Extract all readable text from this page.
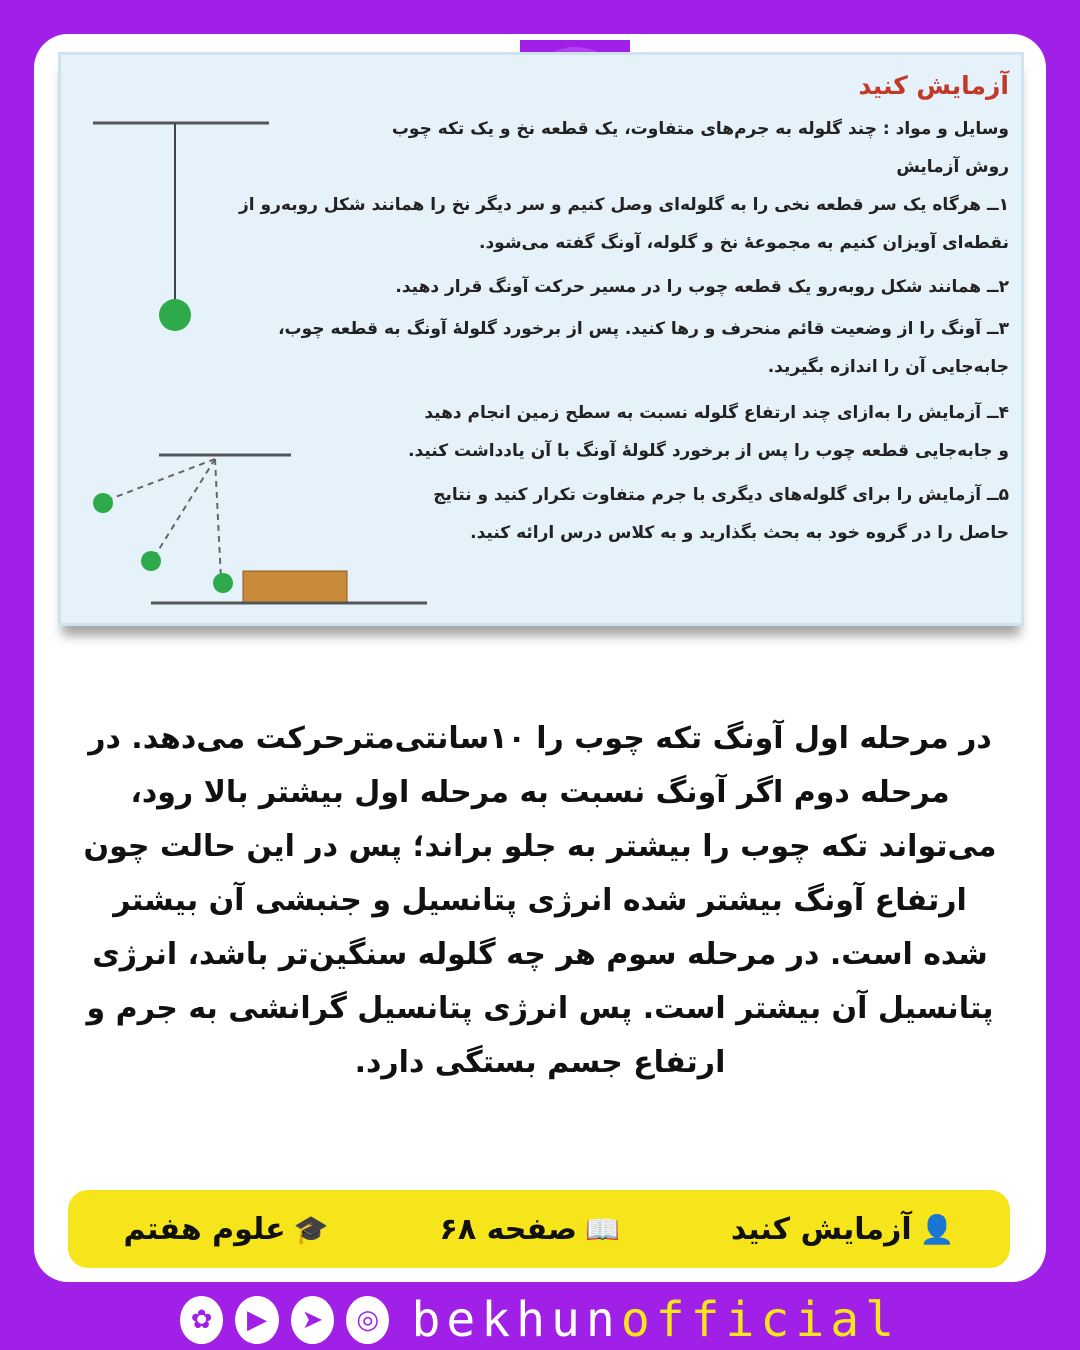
آزمایش کنید
وسایل و مواد : چند گلوله به جرم‌های متفاوت، یک قطعه نخ و یک تکه چوب
روش آزمایش
۱ــ هرگاه یک سر قطعه نخی را به گلوله‌ای وصل کنیم و سر دیگر نخ را همانند شکل روبه‌رو از
نقطه‌ای آویزان کنیم به مجموعهٔ نخ و گلوله، آونگ گفته می‌شود.
۲ــ همانند شکل روبه‌رو یک قطعه چوب را در مسیر حرکت آونگ قرار دهید.
۳ــ آونگ را از وضعیت قائم منحرف و رها کنید. پس از برخورد گلولهٔ آونگ به قطعه چوب،
جابه‌جایی آن را اندازه بگیرید.
۴ــ آزمایش را به‌ازای چند ارتفاع گلوله نسبت به سطح زمین انجام دهید
و جابه‌جایی قطعه چوب را پس از برخورد گلولهٔ آونگ با آن یادداشت کنید.
۵ــ آزمایش را برای گلوله‌های دیگری با جرم متفاوت تکرار کنید و نتایج
حاصل را در گروه خود به بحث بگذارید و به کلاس درس ارائه کنید.
در مرحله اول آونگ تکه چوب را ۱۰سانتی‌مترحرکت می‌دهد. در مرحله دوم اگر آونگ نسبت به مرحله اول بیشتر بالا رود، می‌تواند تکه چوب را بیشتر به جلو براند؛ پس در این حالت چون ارتفاع آونگ بیشتر شده انرژی پتانسیل و جنبشی آن بیشتر شده است. در مرحله سوم هر چه گلوله سنگین‌تر باشد، انرژی پتانسیل آن بیشتر است. پس انرژی پتانسیل گرانشی به جرم و ارتفاع جسم بستگی دارد.
👤
آزمایش کنید
📖
صفحه ۶۸
🎓
علوم هفتم
✿	▶	➤	◎ bekhunofficial
